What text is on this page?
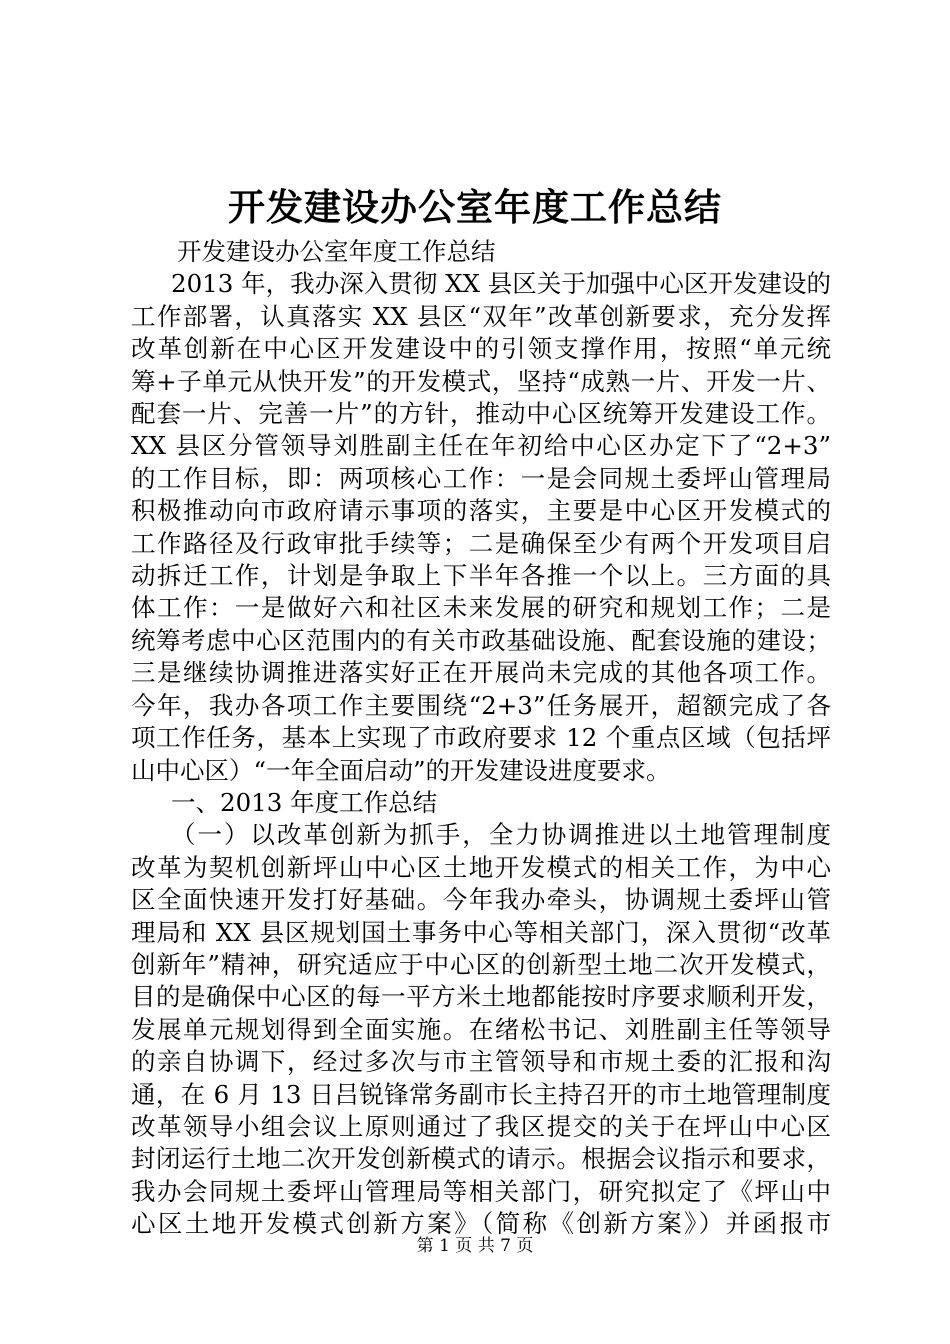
开发建设办公室年度工作总结
开发建设办公室年度工作总结
2013 年，我办深入贯彻 XX 县区关于加强中心区开发建设的
工作部署，认真落实 XX 县区“双年”改革创新要求，充分发挥
改革创新在中心区开发建设中的引领支撑作用，按照“单元统
筹+子单元从快开发”的开发模式，坚持“成熟一片、开发一片、
配套一片、完善一片”的方针，推动中心区统筹开发建设工作。
XX 县区分管领导刘胜副主任在年初给中心区办定下了“2+3”
的工作目标，即：两项核心工作：一是会同规土委坪山管理局
积极推动向市政府请示事项的落实，主要是中心区开发模式的
工作路径及行政审批手续等；二是确保至少有两个开发项目启
动拆迁工作，计划是争取上下半年各推一个以上。三方面的具
体工作：一是做好六和社区未来发展的研究和规划工作；二是
统筹考虑中心区范围内的有关市政基础设施、配套设施的建设；
三是继续协调推进落实好正在开展尚未完成的其他各项工作。
今年，我办各项工作主要围绕“2+3”任务展开，超额完成了各
项工作任务，基本上实现了市政府要求 12 个重点区域（包括坪
山中心区）“一年全面启动”的开发建设进度要求。
一、2013 年度工作总结
（一）以改革创新为抓手，全力协调推进以土地管理制度
改革为契机创新坪山中心区土地开发模式的相关工作，为中心
区全面快速开发打好基础。今年我办牵头，协调规土委坪山管
理局和 XX 县区规划国土事务中心等相关部门，深入贯彻“改革
创新年”精神，研究适应于中心区的创新型土地二次开发模式，
目的是确保中心区的每一平方米土地都能按时序要求顺利开发，
发展单元规划得到全面实施。在绪松书记、刘胜副主任等领导
的亲自协调下，经过多次与市主管领导和市规土委的汇报和沟
通，在 6 月 13 日吕锐锋常务副市长主持召开的市土地管理制度
改革领导小组会议上原则通过了我区提交的关于在坪山中心区
封闭运行土地二次开发创新模式的请示。根据会议指示和要求，
我办会同规土委坪山管理局等相关部门，研究拟定了《坪山中
心区土地开发模式创新方案》（简称《创新方案》）并函报市
第 1 页 共 7 页
